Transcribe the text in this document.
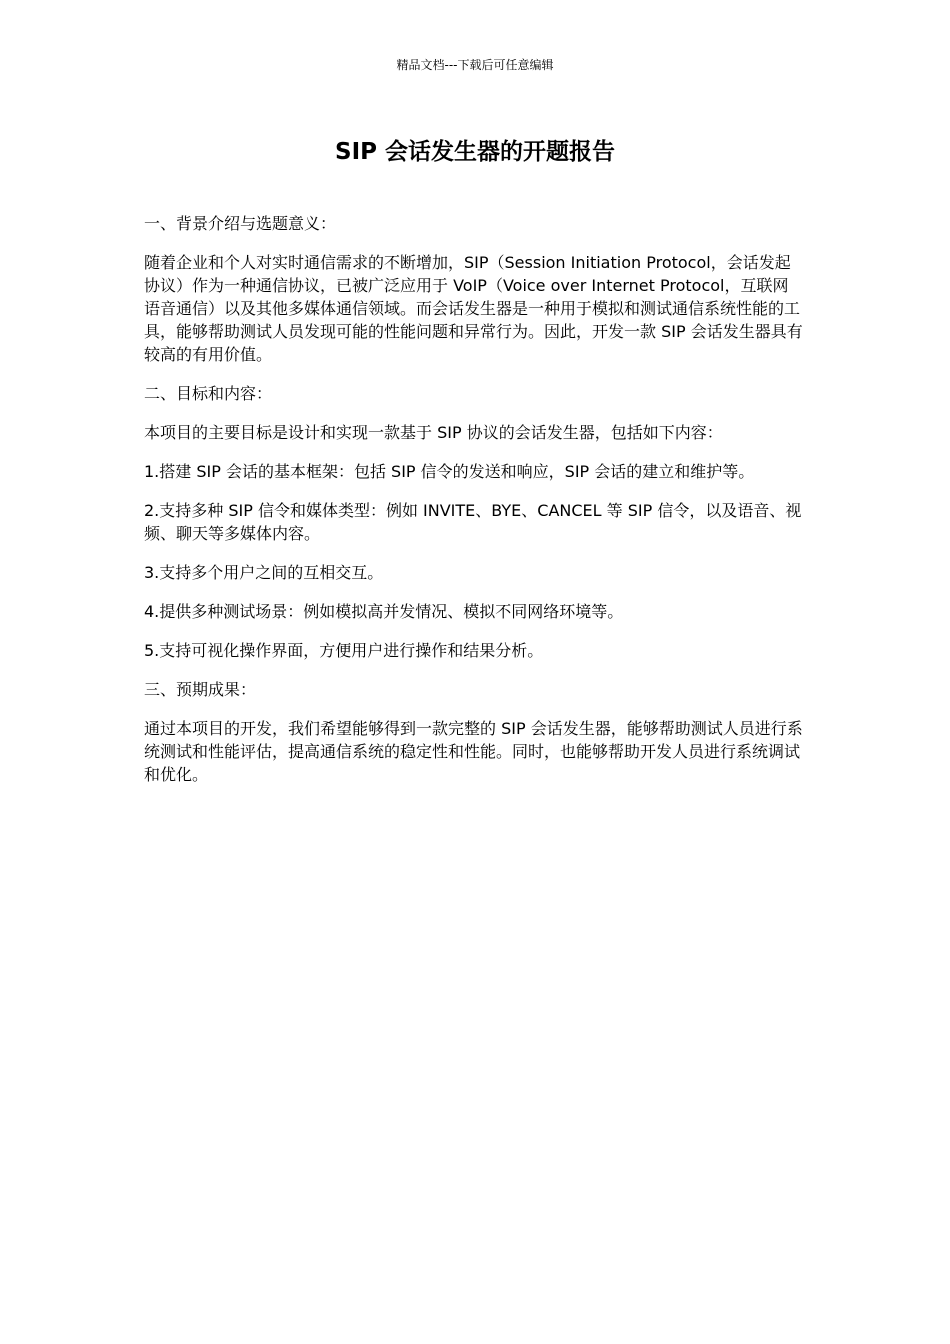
精品文档---下载后可任意编辑
SIP 会话发生器的开题报告

一、背景介绍与选题意义：

随着企业和个人对实时通信需求的不断增加，SIP（Session Initiation Protocol，会话发起协议）作为一种通信协议，已被广泛应用于 VoIP（Voice over Internet Protocol，互联网语音通信）以及其他多媒体通信领域。而会话发生器是一种用于模拟和测试通信系统性能的工具，能够帮助测试人员发现可能的性能问题和异常行为。因此，开发一款 SIP 会话发生器具有较高的有用价值。

二、目标和内容：

本项目的主要目标是设计和实现一款基于 SIP 协议的会话发生器，包括如下内容：

1.搭建 SIP 会话的基本框架：包括 SIP 信令的发送和响应，SIP 会话的建立和维护等。

2.支持多种 SIP 信令和媒体类型：例如 INVITE、BYE、CANCEL 等 SIP 信令，以及语音、视频、聊天等多媒体内容。

3.支持多个用户之间的互相交互。

4.提供多种测试场景：例如模拟高并发情况、模拟不同网络环境等。

5.支持可视化操作界面，方便用户进行操作和结果分析。

三、预期成果：

通过本项目的开发，我们希望能够得到一款完整的 SIP 会话发生器，能够帮助测试人员进行系统测试和性能评估，提高通信系统的稳定性和性能。同时，也能够帮助开发人员进行系统调试和优化。
